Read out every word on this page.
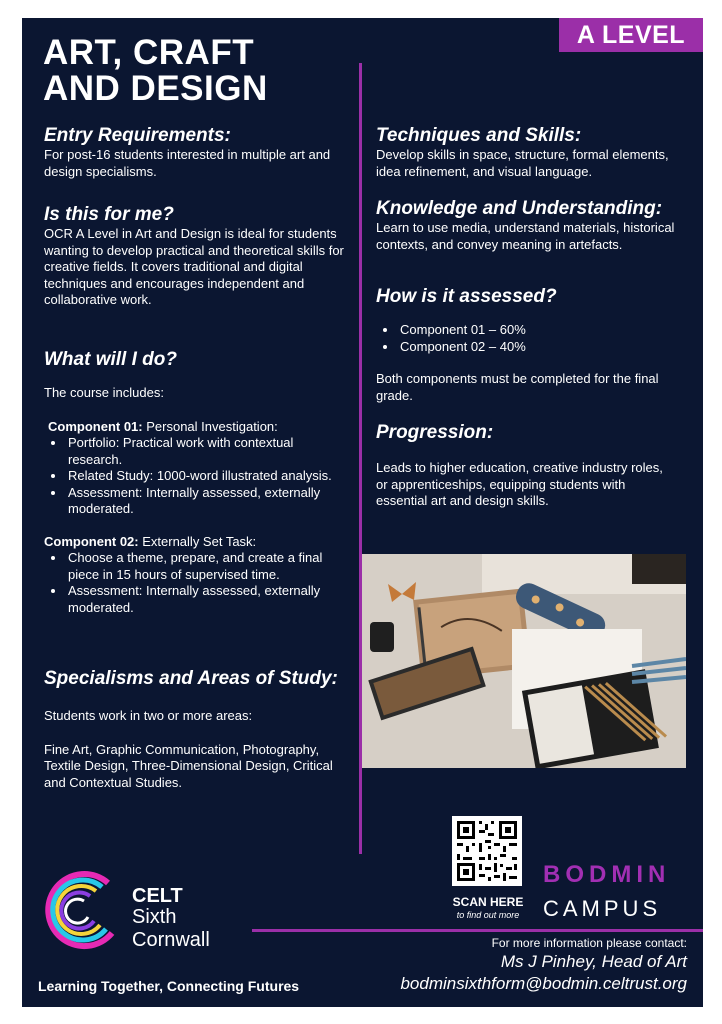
A LEVEL
ART, CRAFT
AND DESIGN
Entry Requirements:

For post-16 students interested in multiple art and design specialisms.

Is this for me?

OCR A Level in Art and Design is ideal for students wanting to develop practical and theoretical skills for creative fields. It covers traditional and digital techniques and encourages independent and collaborative work.

What will I do?

The course includes:

Component 01: Personal Investigation:

• Portfolio: Practical work with contextual research.
• Related Study: 1000-word illustrated analysis.
• Assessment: Internally assessed, externally moderated.

Component 02: Externally Set Task:

• Choose a theme, prepare, and create a final piece in 15 hours of supervised time.
• Assessment: Internally assessed, externally moderated.
Specialisms and Areas of Study:

Students work in two or more areas:

Fine Art, Graphic Communication, Photography, Textile Design, Three-Dimensional Design, Critical and Contextual Studies.

Techniques and Skills:

Develop skills in space, structure, formal elements, idea refinement, and visual language.

Knowledge and Understanding:

Learn to use media, understand materials, historical contexts, and convey meaning in artefacts.

How is it assessed?
• Component 01 – 60%
• Component 02 – 40%

Both components must be completed for the final grade.

Progression:

Leads to higher education, creative industry roles, or apprenticeships, equipping students with essential art and design skills.

SCAN HERE
to find out more
BODMIN
CAMPUS
For more information please contact:
Ms J Pinhey, Head of Art
bodminsixthform@bodmin.celtrust.org
CELT
Sixth
Cornwall
Learning Together, Connecting Futures
